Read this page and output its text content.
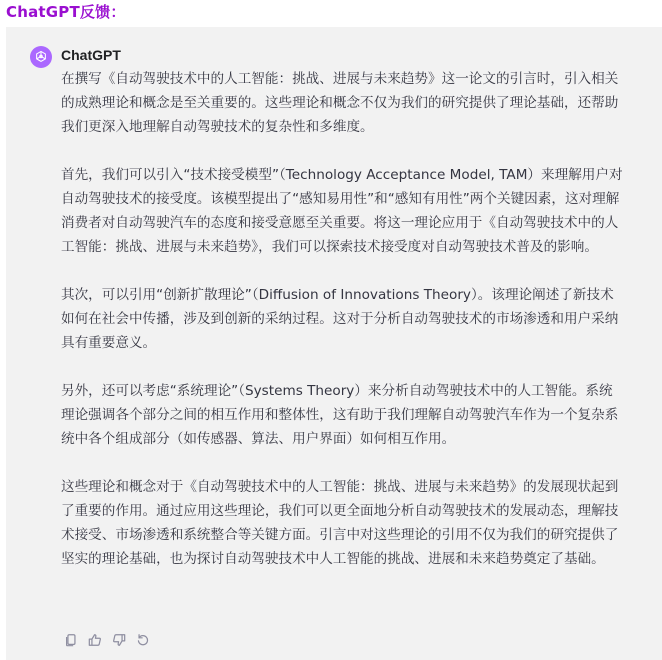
ChatGPT反馈：
ChatGPT

在撰写《自动驾驶技术中的人工智能：挑战、进展与未来趋势》这一论文的引言时，引入相关的成熟理论和概念是至关重要的。这些理论和概念不仅为我们的研究提供了理论基础，还帮助我们更深入地理解自动驾驶技术的复杂性和多维度。

首先，我们可以引入“技术接受模型”（Technology Acceptance Model, TAM）来理解用户对自动驾驶技术的接受度。该模型提出了“感知易用性”和“感知有用性”两个关键因素，这对理解消费者对自动驾驶汽车的态度和接受意愿至关重要。将这一理论应用于《自动驾驶技术中的人工智能：挑战、进展与未来趋势》，我们可以探索技术接受度对自动驾驶技术普及的影响。

其次，可以引用“创新扩散理论”（Diffusion of Innovations Theory）。该理论阐述了新技术如何在社会中传播，涉及到创新的采纳过程。这对于分析自动驾驶技术的市场渗透和用户采纳具有重要意义。

另外，还可以考虑“系统理论”（Systems Theory）来分析自动驾驶技术中的人工智能。系统理论强调各个部分之间的相互作用和整体性，这有助于我们理解自动驾驶汽车作为一个复杂系统中各个组成部分（如传感器、算法、用户界面）如何相互作用。

这些理论和概念对于《自动驾驶技术中的人工智能：挑战、进展与未来趋势》的发展现状起到了重要的作用。通过应用这些理论，我们可以更全面地分析自动驾驶技术的发展动态，理解技术接受、市场渗透和系统整合等关键方面。引言中对这些理论的引用不仅为我们的研究提供了坚实的理论基础，也为探讨自动驾驶技术中人工智能的挑战、进展和未来趋势奠定了基础。
